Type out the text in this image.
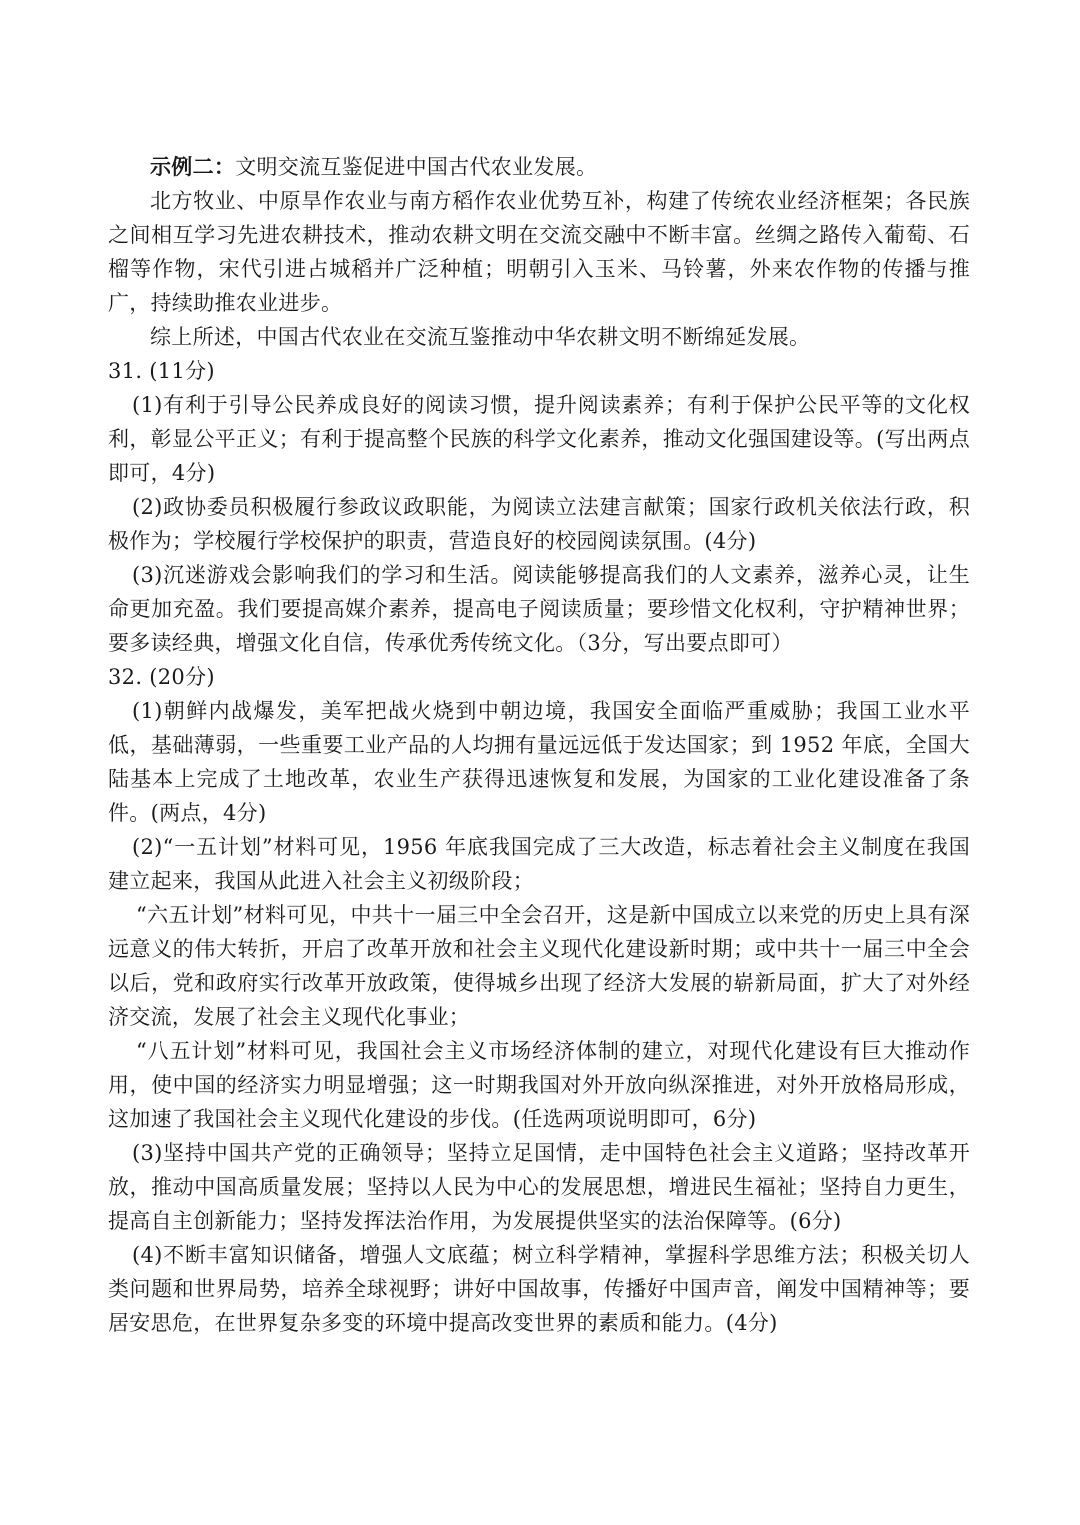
示例二：文明交流互鉴促进中国古代农业发展。

北方牧业、中原旱作农业与南方稻作农业优势互补，构建了传统农业经济框架；各民族之间相互学习先进农耕技术，推动农耕文明在交流交融中不断丰富。丝绸之路传入葡萄、石榴等作物，宋代引进占城稻并广泛种植；明朝引入玉米、马铃薯，外来农作物的传播与推广，持续助推农业进步。

综上所述，中国古代农业在交流互鉴推动中华农耕文明不断绵延发展。

31. (11分)

(1)有利于引导公民养成良好的阅读习惯，提升阅读素养；有利于保护公民平等的文化权利，彰显公平正义；有利于提高整个民族的科学文化素养，推动文化强国建设等。(写出两点即可，4分)

(2)政协委员积极履行参政议政职能，为阅读立法建言献策；国家行政机关依法行政，积极作为；学校履行学校保护的职责，营造良好的校园阅读氛围。(4分)

(3)沉迷游戏会影响我们的学习和生活。阅读能够提高我们的人文素养，滋养心灵，让生命更加充盈。我们要提高媒介素养，提高电子阅读质量；要珍惜文化权利，守护精神世界；要多读经典，增强文化自信，传承优秀传统文化。（3分，写出要点即可）

32. (20分)

(1)朝鲜内战爆发，美军把战火烧到中朝边境，我国安全面临严重威胁；我国工业水平低，基础薄弱，一些重要工业产品的人均拥有量远远低于发达国家；到 1952 年底，全国大陆基本上完成了土地改革，农业生产获得迅速恢复和发展，为国家的工业化建设准备了条件。(两点，4分)

(2)“一五计划”材料可见，1956 年底我国完成了三大改造，标志着社会主义制度在我国建立起来，我国从此进入社会主义初级阶段；

“六五计划”材料可见，中共十一届三中全会召开，这是新中国成立以来党的历史上具有深远意义的伟大转折，开启了改革开放和社会主义现代化建设新时期；或中共十一届三中全会以后，党和政府实行改革开放政策，使得城乡出现了经济大发展的崭新局面，扩大了对外经济交流，发展了社会主义现代化事业；

“八五计划”材料可见，我国社会主义市场经济体制的建立，对现代化建设有巨大推动作用，使中国的经济实力明显增强；这一时期我国对外开放向纵深推进，对外开放格局形成，这加速了我国社会主义现代化建设的步伐。(任选两项说明即可，6分)

(3)坚持中国共产党的正确领导；坚持立足国情，走中国特色社会主义道路；坚持改革开放，推动中国高质量发展；坚持以人民为中心的发展思想，增进民生福祉；坚持自力更生，提高自主创新能力；坚持发挥法治作用，为发展提供坚实的法治保障等。(6分)

(4)不断丰富知识储备，增强人文底蕴；树立科学精神，掌握科学思维方法；积极关切人类问题和世界局势，培养全球视野；讲好中国故事，传播好中国声音，阐发中国精神等；要居安思危，在世界复杂多变的环境中提高改变世界的素质和能力。(4分)
